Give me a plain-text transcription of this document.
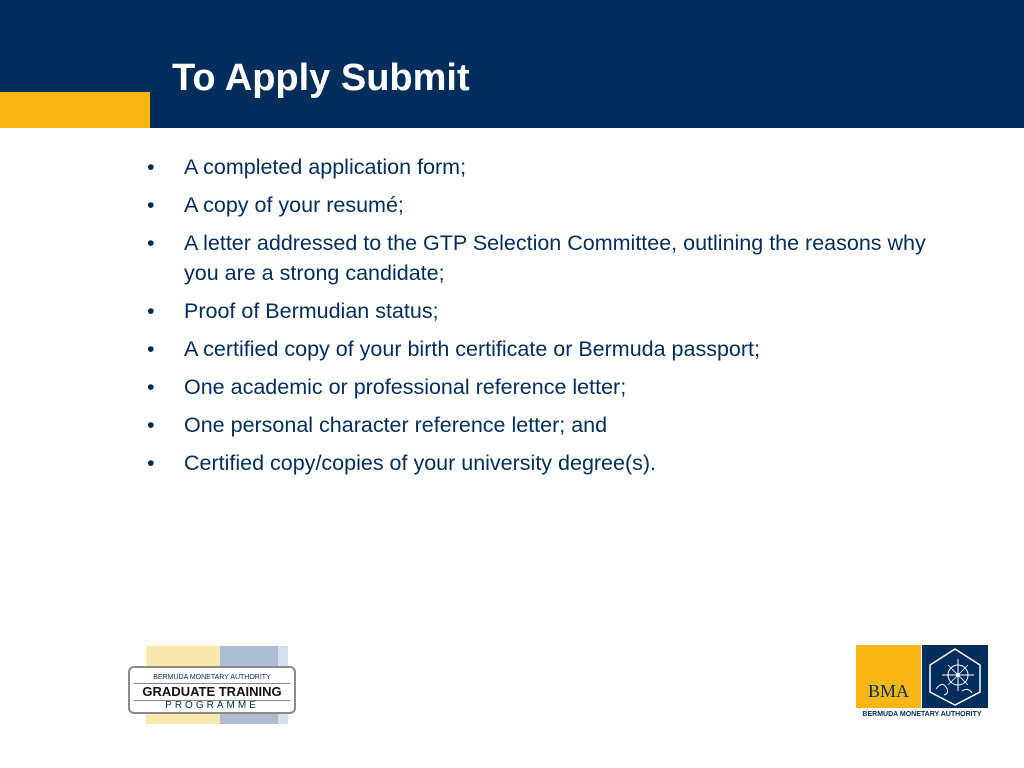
To Apply Submit
• A completed application form;
• A copy of your resumé;
• A letter addressed to the GTP Selection Committee, outlining the reasons why you are a strong candidate;
• Proof of Bermudian status;
• A certified copy of your birth certificate or Bermuda passport;
• One academic or professional reference letter;
• One personal character reference letter; and
• Certified copy/copies of your university degree(s).
BERMUDA MONETARY AUTHORITY
GRADUATE TRAINING
PROGRAMME
BMA
BERMUDA MONETARY AUTHORITY
